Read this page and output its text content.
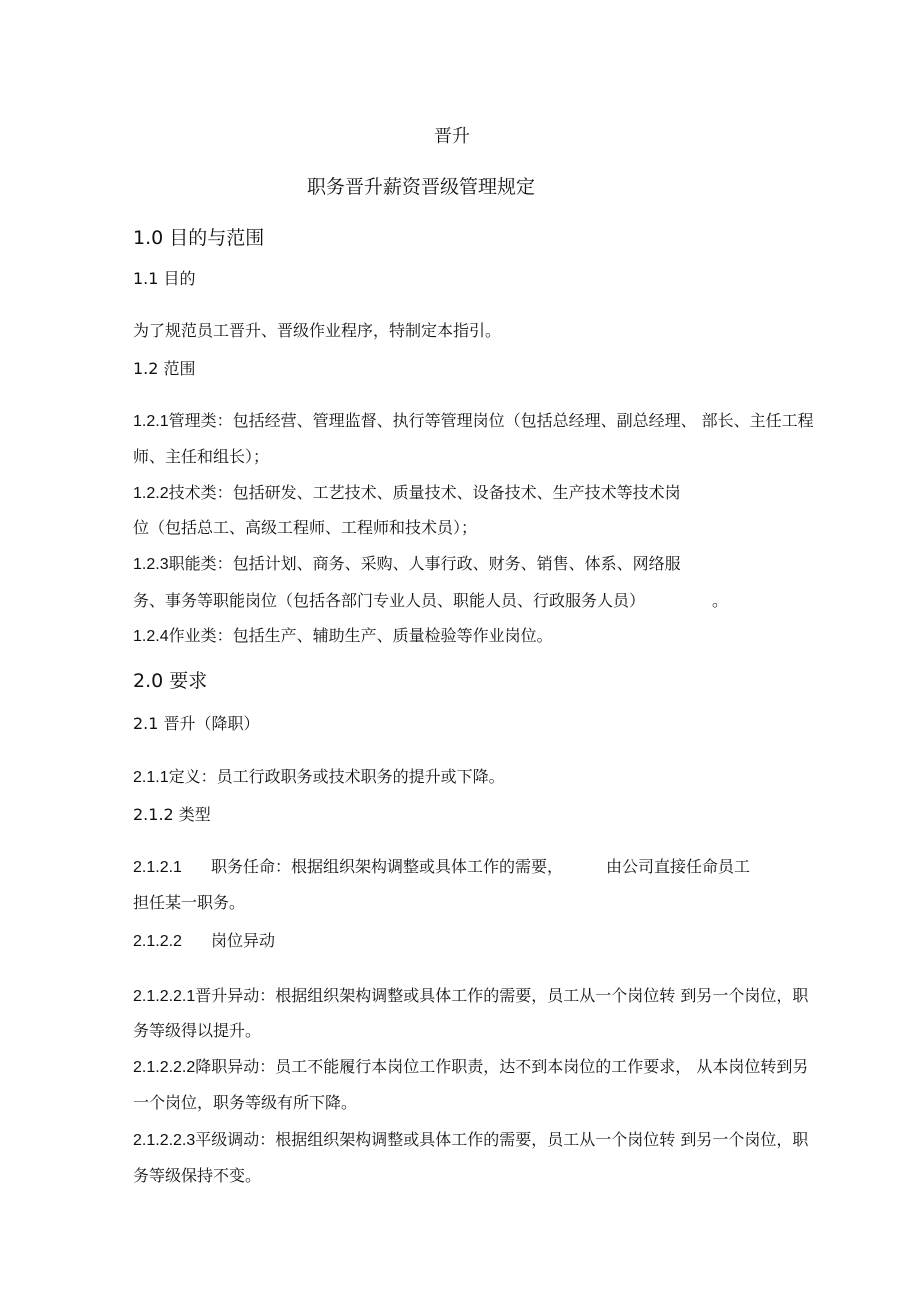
晋升
职务晋升薪资晋级管理规定
1.0 目的与范围
1.1 目的
为了规范员工晋升、晋级作业程序，特制定本指引。
1.2 范围
1.2.1管理类：包括经营、管理监督、执行等管理岗位（包括总经理、副总经理、 部长、主任工程
师、主任和组长）；
1.2.2技术类：包括研发、工艺技术、质量技术、设备技术、生产技术等技术岗
位（包括总工、高级工程师、工程师和技术员）；
1.2.3职能类：包括计划、商务、采购、人事行政、财务、销售、体系、网络服
务、事务等职能岗位（包括各部门专业人员、职能人员、行政服务人员）	。
1.2.4作业类：包括生产、辅助生产、质量检验等作业岗位。
2.0 要求
2.1 晋升（降职）
2.1.1定义：员工行政职务或技术职务的提升或下降。
2.1.2 类型
2.1.2.1 职务任命：根据组织架构调整或具体工作的需要，	由公司直接任命员工
担任某一职务。
2.1.2.2 岗位异动
2.1.2.2.1晋升异动：根据组织架构调整或具体工作的需要，员工从一个岗位转 到另一个岗位，职
务等级得以提升。
2.1.2.2.2降职异动：员工不能履行本岗位工作职责，达不到本岗位的工作要求， 从本岗位转到另
一个岗位，职务等级有所下降。
2.1.2.2.3平级调动：根据组织架构调整或具体工作的需要，员工从一个岗位转 到另一个岗位，职
务等级保持不变。
